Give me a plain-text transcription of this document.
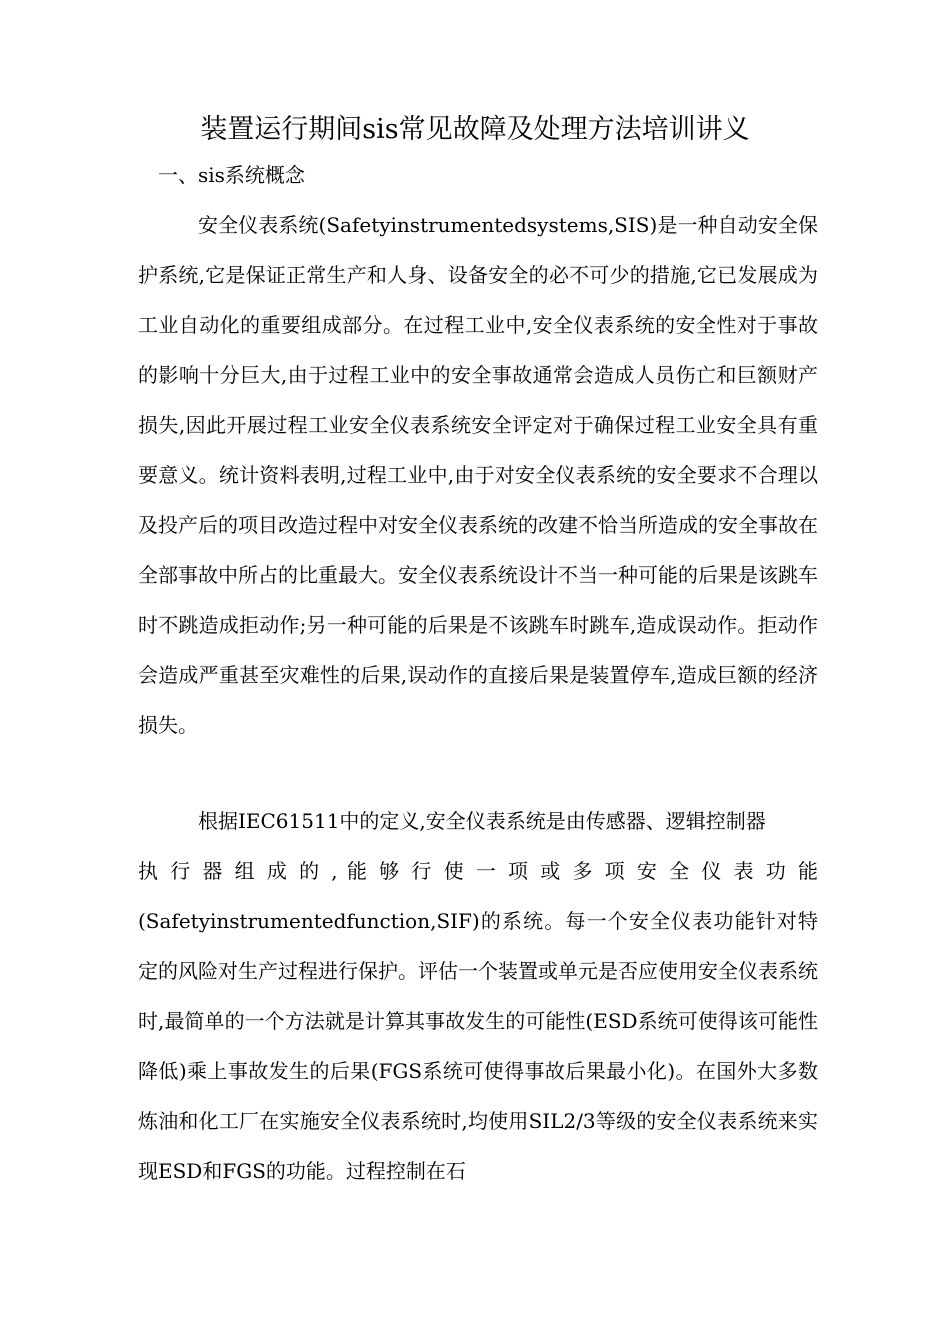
装置运行期间sis常见故障及处理方法培训讲义
一、sis系统概念

安全仪表系统(Safetyinstrumentedsystems,SIS)是一种自动安全保护系统,它是保证正常生产和人身、设备安全的必不可少的措施,它已发展成为工业自动化的重要组成部分。在过程工业中,安全仪表系统的安全性对于事故的影响十分巨大,由于过程工业中的安全事故通常会造成人员伤亡和巨额财产损失,因此开展过程工业安全仪表系统安全评定对于确保过程工业安全具有重要意义。统计资料表明,过程工业中,由于对安全仪表系统的安全要求不合理以及投产后的项目改造过程中对安全仪表系统的改建不恰当所造成的安全事故在全部事故中所占的比重最大。安全仪表系统设计不当一种可能的后果是该跳车时不跳造成拒动作;另一种可能的后果是不该跳车时跳车,造成误动作。拒动作会造成严重甚至灾难性的后果,误动作的直接后果是装置停车,造成巨额的经济损失。

根据IEC61511中的定义,安全仪表系统是由传感器、逻辑控制器
执 行 器 组 成 的 , 能 够 行 使 一 项 或 多 项 安 全 仪 表 功 能
(Safetyinstrumentedfunction,SIF)的系统。每一个安全仪表功能针对特定的风险对生产过程进行保护。评估一个装置或单元是否应使用安全仪表系统时,最简单的一个方法就是计算其事故发生的可能性(ESD系统可使得该可能性降低)乘上事故发生的后果(FGS系统可使得事故后果最小化)。在国外大多数炼油和化工厂在实施安全仪表系统时,均使用SIL2/3等级的安全仪表系统来实现ESD和FGS的功能。过程控制在石
